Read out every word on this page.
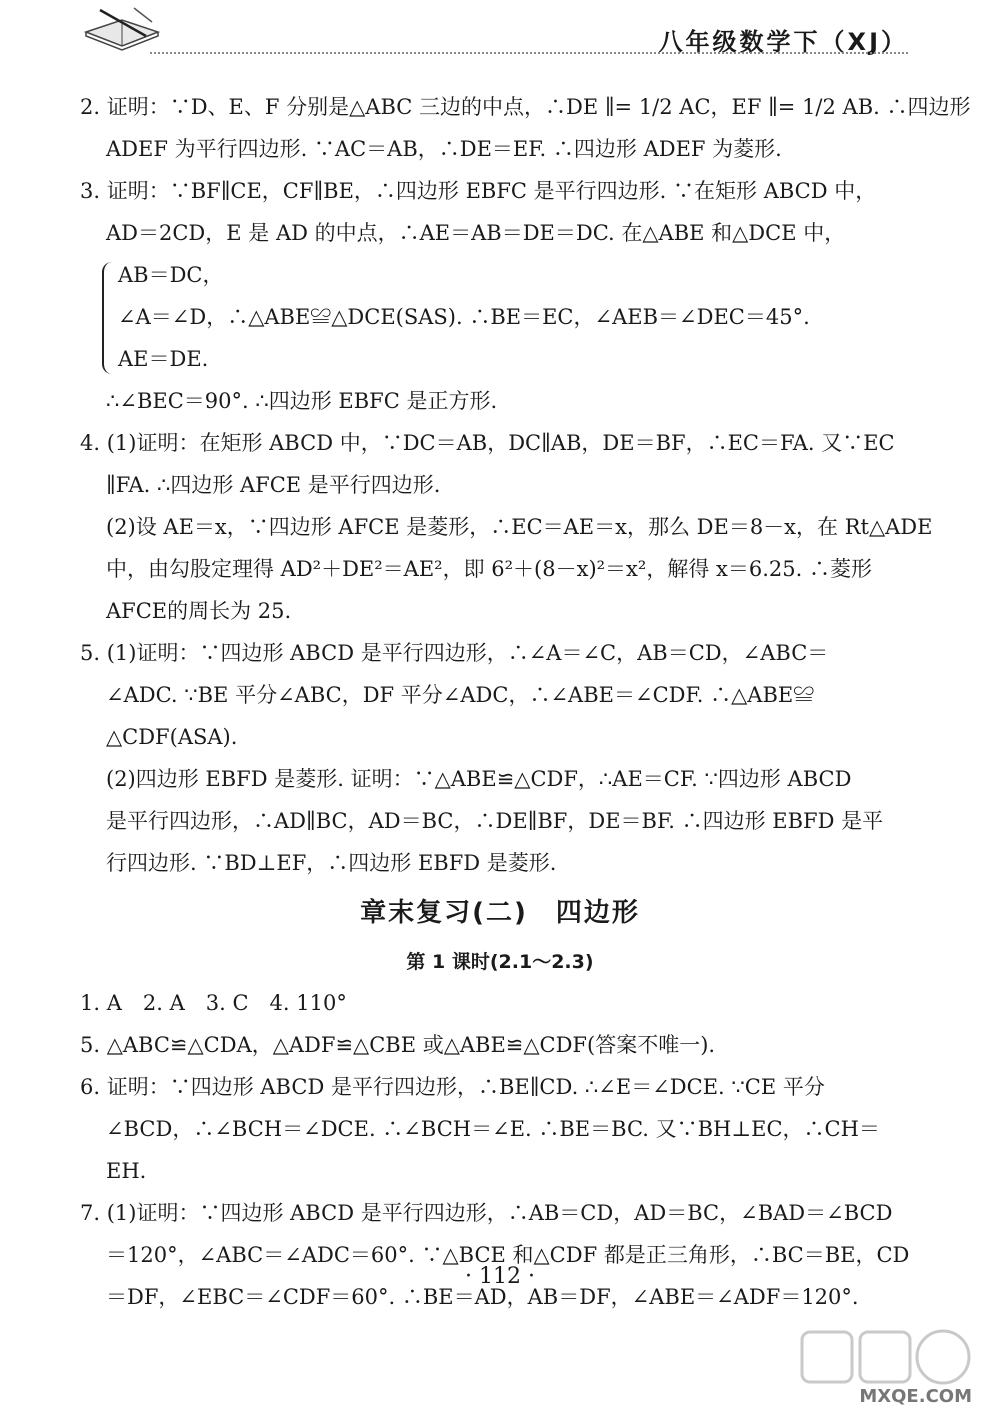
八年级数学下（XJ）
2. 证明：∵D、E、F 分别是△ABC 三边的中点，∴DE ∥= 1/2 AC，EF ∥= 1/2 AB. ∴四边形
ADEF 为平行四边形. ∵AC＝AB，∴DE＝EF. ∴四边形 ADEF 为菱形.
3. 证明：∵BF∥CE，CF∥BE，∴四边形 EBFC 是平行四边形. ∵在矩形 ABCD 中，
AD＝2CD，E 是 AD 的中点，∴AE＝AB＝DE＝DC. 在△ABE 和△DCE 中，
AB＝DC，
∠A＝∠D，∴△ABE≌△DCE(SAS). ∴BE＝EC，∠AEB＝∠DEC＝45°.
AE＝DE.
∴∠BEC＝90°. ∴四边形 EBFC 是正方形.
4. (1)证明：在矩形 ABCD 中，∵DC＝AB，DC∥AB，DE＝BF，∴EC＝FA. 又∵EC
∥FA. ∴四边形 AFCE 是平行四边形.
(2)设 AE＝x，∵四边形 AFCE 是菱形，∴EC＝AE＝x，那么 DE＝8－x，在 Rt△ADE
中，由勾股定理得 AD²＋DE²＝AE²，即 6²＋(8－x)²＝x²，解得 x＝6.25. ∴菱形
AFCE的周长为 25.
5. (1)证明：∵四边形 ABCD 是平行四边形，∴∠A＝∠C，AB＝CD，∠ABC＝
∠ADC. ∵BE 平分∠ABC，DF 平分∠ADC，∴∠ABE＝∠CDF. ∴△ABE≌
△CDF(ASA).
(2)四边形 EBFD 是菱形. 证明：∵△ABE≌△CDF，∴AE＝CF. ∵四边形 ABCD
是平行四边形，∴AD∥BC，AD＝BC，∴DE∥BF，DE＝BF. ∴四边形 EBFD 是平
行四边形. ∵BD⊥EF，∴四边形 EBFD 是菱形.
章末复习(二)　四边形
第 1 课时(2.1～2.3)
1. A　2. A　3. C　4. 110°
5. △ABC≌△CDA，△ADF≌△CBE 或△ABE≌△CDF(答案不唯一).
6. 证明：∵四边形 ABCD 是平行四边形，∴BE∥CD. ∴∠E＝∠DCE. ∵CE 平分
∠BCD，∴∠BCH＝∠DCE. ∴∠BCH＝∠E. ∴BE＝BC. 又∵BH⊥EC，∴CH＝
EH.
7. (1)证明：∵四边形 ABCD 是平行四边形，∴AB＝CD，AD＝BC，∠BAD＝∠BCD
＝120°，∠ABC＝∠ADC＝60°. ∵△BCE 和△CDF 都是正三角形，∴BC＝BE，CD
＝DF，∠EBC＝∠CDF＝60°. ∴BE＝AD，AB＝DF，∠ABE＝∠ADF＝120°.
· 112 ·
MXQE.COM
